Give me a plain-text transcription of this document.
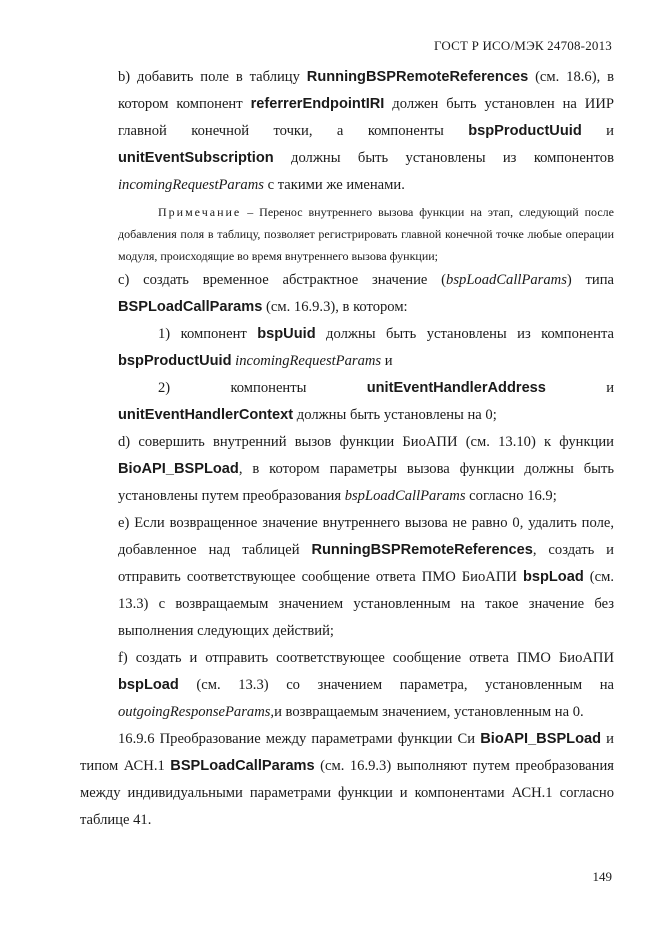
ГОСТ Р ИСО/МЭК 24708-2013

b) добавить поле в таблицу RunningBSPRemoteReferences (см. 18.6), в котором компонент referrerEndpointIRI должен быть установлен на ИИР главной конечной точки, а компоненты bspProductUuid и unitEventSubscription должны быть установлены из компонентов incomingRequestParams с такими же именами.

Примечание – Перенос внутреннего вызова функции на этап, следующий после добавления поля в таблицу, позволяет регистрировать главной конечной точке любые операции модуля, происходящие во время внутреннего вызова функции;

c) создать временное абстрактное значение (bspLoadCallParams) типа BSPLoadCallParams (см. 16.9.3), в котором:

1) компонент bspUuid должны быть установлены из компонента bspProductUuid incomingRequestParams и

2)	компоненты	unitEventHandlerAddress	и

unitEventHandlerContext должны быть установлены на 0;

d) совершить внутренний вызов функции БиоАПИ (см. 13.10) к функции BioAPI_BSPLoad, в котором параметры вызова функции должны быть установлены путем преобразования bspLoadCallParams согласно 16.9;

e) Если возвращенное значение внутреннего вызова не равно 0, удалить поле, добавленное над таблицей RunningBSPRemoteReferences, создать и отправить соответствующее сообщение ответа ПМО БиоАПИ bspLoad (см. 13.3) с возвращаемым значением установленным на такое значение без выполнения следующих действий;

f) создать и отправить соответствующее сообщение ответа ПМО БиоАПИ bspLoad (см. 13.3) со значением параметра, установленным на outgoingResponseParams,и возвращаемым значением, установленным на 0.

16.9.6 Преобразование между параметрами функции Си BioAPI_BSPLoad и типом АСН.1 BSPLoadCallParams (см. 16.9.3) выполняют путем преобразования между индивидуальными параметрами функции и компонентами АСН.1 согласно таблице 41.

149
